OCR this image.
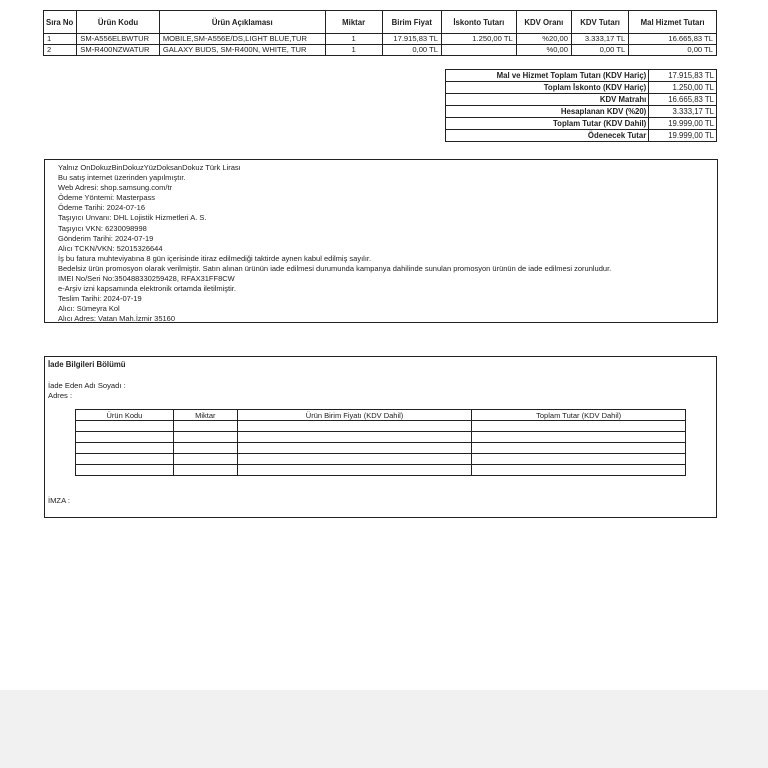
Sıra No	Ürün Kodu	Ürün Açıklaması	Miktar	Birim Fiyat	İskonto Tutarı	KDV Oranı	KDV Tutarı	Mal Hizmet Tutarı
1	SM-A556ELBWTUR	MOBILE,SM-A556E/DS,LIGHT BLUE,TUR	1	17.915,83 TL	1.250,00 TL	%20,00	3.333,17 TL	16.665,83 TL
2	SM-R400NZWATUR	GALAXY BUDS, SM-R400N, WHITE, TUR	1	0,00 TL		%0,00	0,00 TL	0,00 TL
Mal ve Hizmet Toplam Tutarı (KDV Hariç)	17.915,83 TL
Toplam İskonto (KDV Hariç)	1.250,00 TL
KDV Matrahı	16.665,83 TL
Hesaplanan KDV (%20)	3.333,17 TL
Toplam Tutar (KDV Dahil)	19.999,00 TL
Ödenecek Tutar	19.999,00 TL
Yalnız OnDokuzBinDokuzYüzDoksanDokuz Türk Lirası
Bu satış internet üzerinden yapılmıştır.
Web Adresi: shop.samsung.com/tr
Ödeme Yöntemi: Masterpass
Ödeme Tarihi: 2024-07-16
Taşıyıcı Unvanı: DHL Lojistik Hizmetleri A. S.
Taşıyıcı VKN: 6230098998
Gönderim Tarihi: 2024-07-19
Alıcı TCKN/VKN: 52015326644
İş bu fatura muhteviyatına 8 gün içerisinde itiraz edilmediği taktirde aynen kabul edilmiş sayılır.
Bedelsiz ürün promosyon olarak verilmiştir. Satın alınan ürünün iade edilmesi durumunda kampanya dahilinde sunulan promosyon ürünün de iade edilmesi zorunludur.
IMEI No/Seri No:350488330259428, RFAX31FF8CW
e-Arşiv izni kapsamında elektronik ortamda iletilmiştir.
Teslim Tarihi: 2024-07-19
Alıcı: Sümeyra Kol
Alıcı Adres: Vatan Mah.İzmir 35160
İade Bilgileri Bölümü
İade Eden Adı Soyadı :
Adres :
Ürün Kodu	Miktar	Ürün Birim Fiyatı (KDV Dahil)	Toplam Tutar (KDV Dahil)

İMZA :
